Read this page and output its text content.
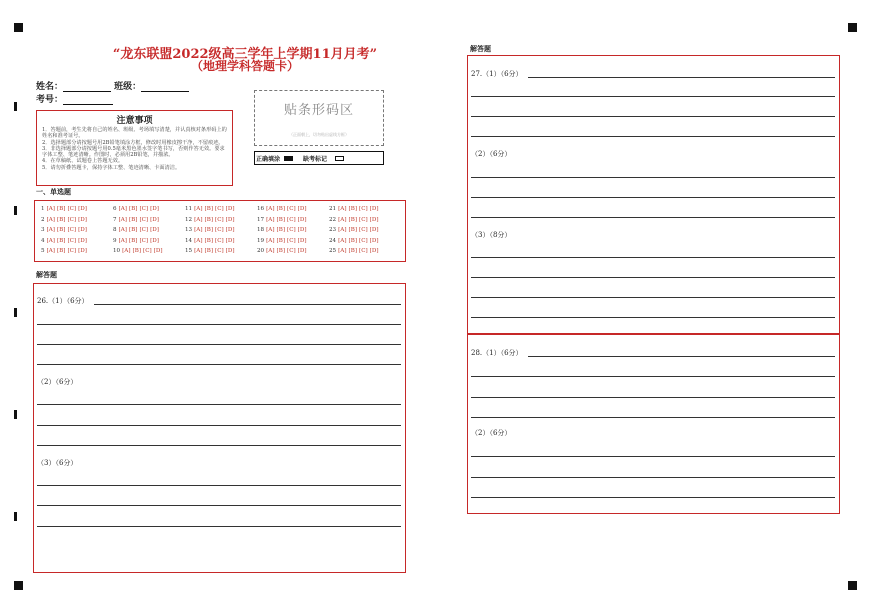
“龙东联盟2022级高三学年上学期11月月考”
（地理学科答题卡）
姓名：	班级：
考号：
注意事项
1．答题前，考生先将自己的姓名、班级、考场填写清楚，并认真核对条形码上的姓名和准考证号。
2．选择题部分请按题号用2B铅笔填涂方框，修改时用橡皮擦干净，不留痕迹。
3．非选择题部分请按题号用0.5毫米黑色墨水签字笔书写，否则作答无效。要求字体工整、笔迹清晰。作图时，必须用2B铅笔，并描浓。
4．在草稿纸、试题卷上答题无效。
5．请勿折叠答题卡，保持字体工整、笔迹清晰、卡面清洁。
贴条形码区
（正面朝上，切勿贴出虚线方框）
正确填涂	缺考标记
一、单选题
1 [A] [B] [C] [D]
2 [A] [B] [C] [D]
3 [A] [B] [C] [D]
4 [A] [B] [C] [D]
5 [A] [B] [C] [D]
6 [A] [B] [C] [D]
7 [A] [B] [C] [D]
8 [A] [B] [C] [D]
9 [A] [B] [C] [D]
10 [A] [B] [C] [D]
11 [A] [B] [C] [D]
12 [A] [B] [C] [D]
13 [A] [B] [C] [D]
14 [A] [B] [C] [D]
15 [A] [B] [C] [D]
16 [A] [B] [C] [D]
17 [A] [B] [C] [D]
18 [A] [B] [C] [D]
19 [A] [B] [C] [D]
20 [A] [B] [C] [D]
21 [A] [B] [C] [D]
22 [A] [B] [C] [D]
23 [A] [B] [C] [D]
24 [A] [B] [C] [D]
25 [A] [B] [C] [D]
解答题
26.（1）（6分）
（2）（6分）
（3）（6分）
解答题
27.（1）（6分）
（2）（6分）
（3）（8分）
28.（1）（6分）
（2）（6分）
